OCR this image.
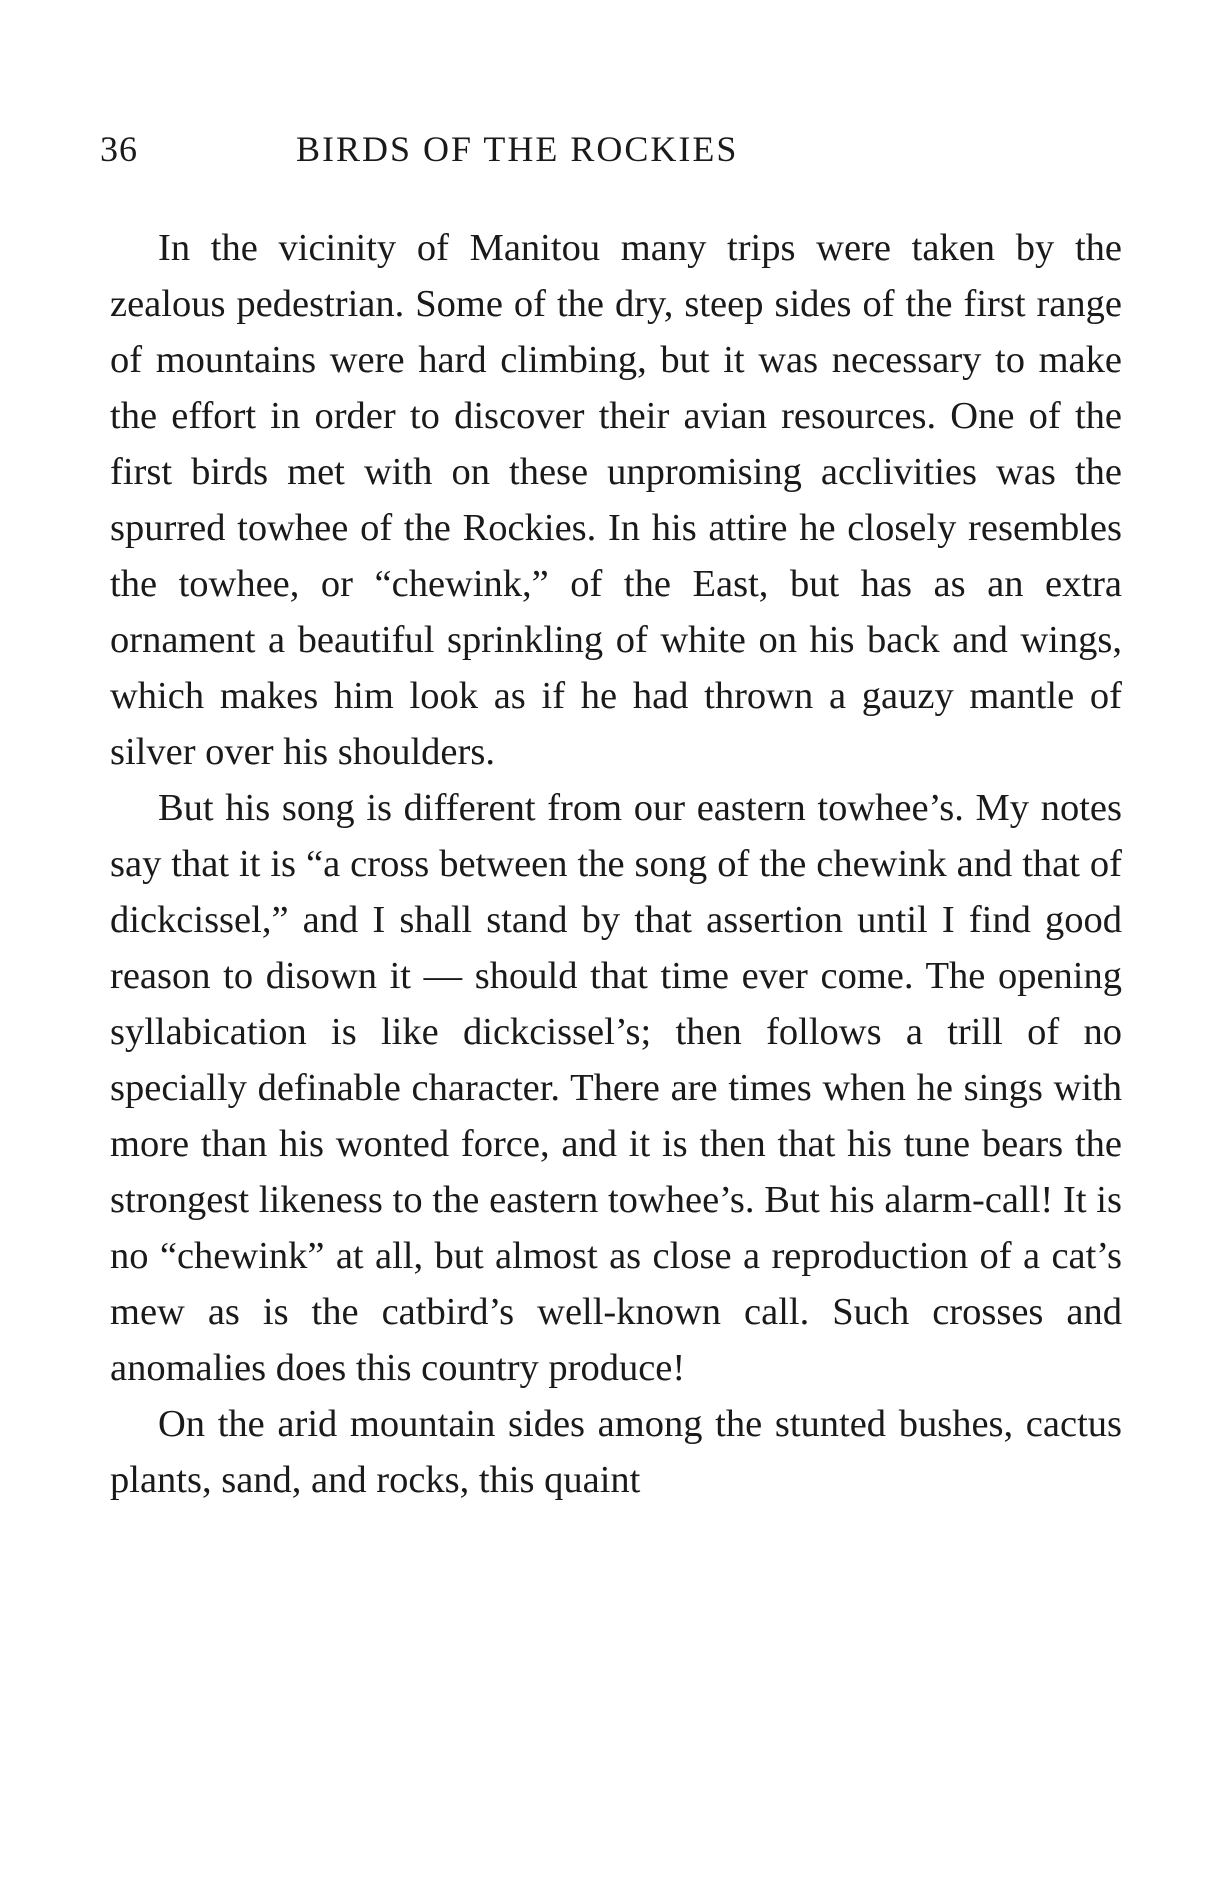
36	BIRDS OF THE ROCKIES

In the vicinity of Manitou many trips were taken by the zealous pedestrian. Some of the dry, steep sides of the first range of mountains were hard climbing, but it was necessary to make the effort in order to discover their avian resources. One of the first birds met with on these unpromising acclivities was the spurred towhee of the Rockies. In his attire he closely resembles the towhee, or “chewink,” of the East, but has as an extra ornament a beautiful sprinkling of white on his back and wings, which makes him look as if he had thrown a gauzy mantle of silver over his shoulders.

But his song is different from our eastern towhee’s. My notes say that it is “a cross between the song of the chewink and that of dickcissel,” and I shall stand by that assertion until I find good reason to disown it — should that time ever come. The opening syllabication is like dickcissel’s; then follows a trill of no specially definable character. There are times when he sings with more than his wonted force, and it is then that his tune bears the strongest likeness to the eastern towhee’s. But his alarm-call! It is no “chewink” at all, but almost as close a reproduction of a cat’s mew as is the catbird’s well-known call. Such crosses and anomalies does this country produce!

On the arid mountain sides among the stunted bushes, cactus plants, sand, and rocks, this quaint
